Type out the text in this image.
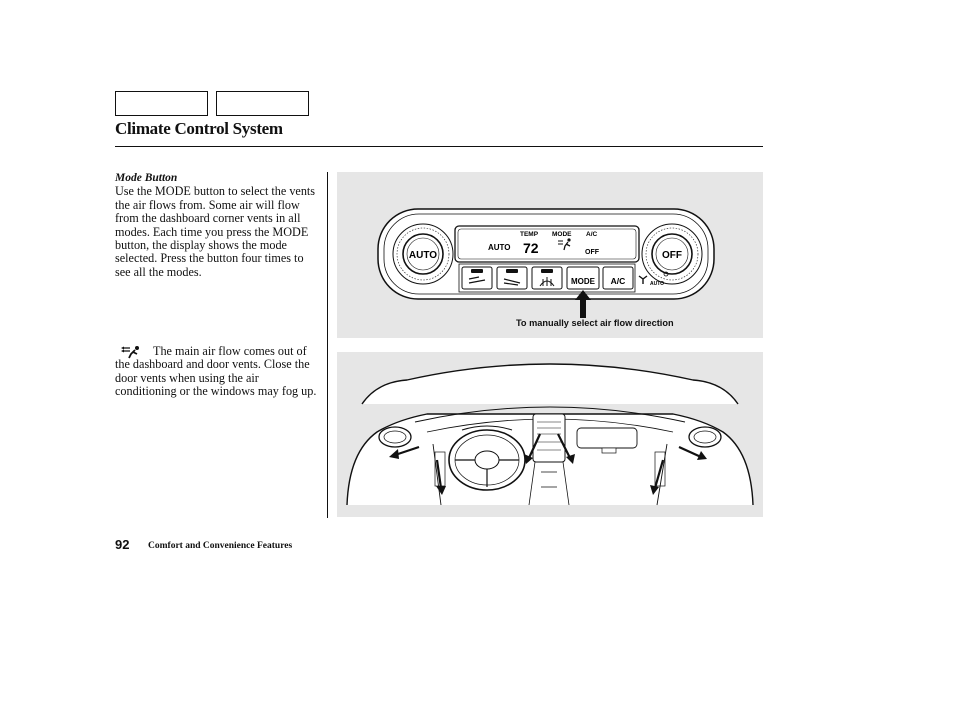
Climate Control System
Mode Button
Use the MODE button to select the vents the air flows from. Some air will flow from the dashboard corner vents in all modes. Each time you press the MODE button, the display shows the mode selected. Press the button four times to see all the modes.
The main air flow comes out of the dashboard and door vents. Close the door vents when using the air conditioning or the windows may fog up.
AUTO	OFF
TEMP MODE A/C
AUTO 72	OFF
MODE A/C	AUTO
To manually select air flow direction
92 Comfort and Convenience Features
